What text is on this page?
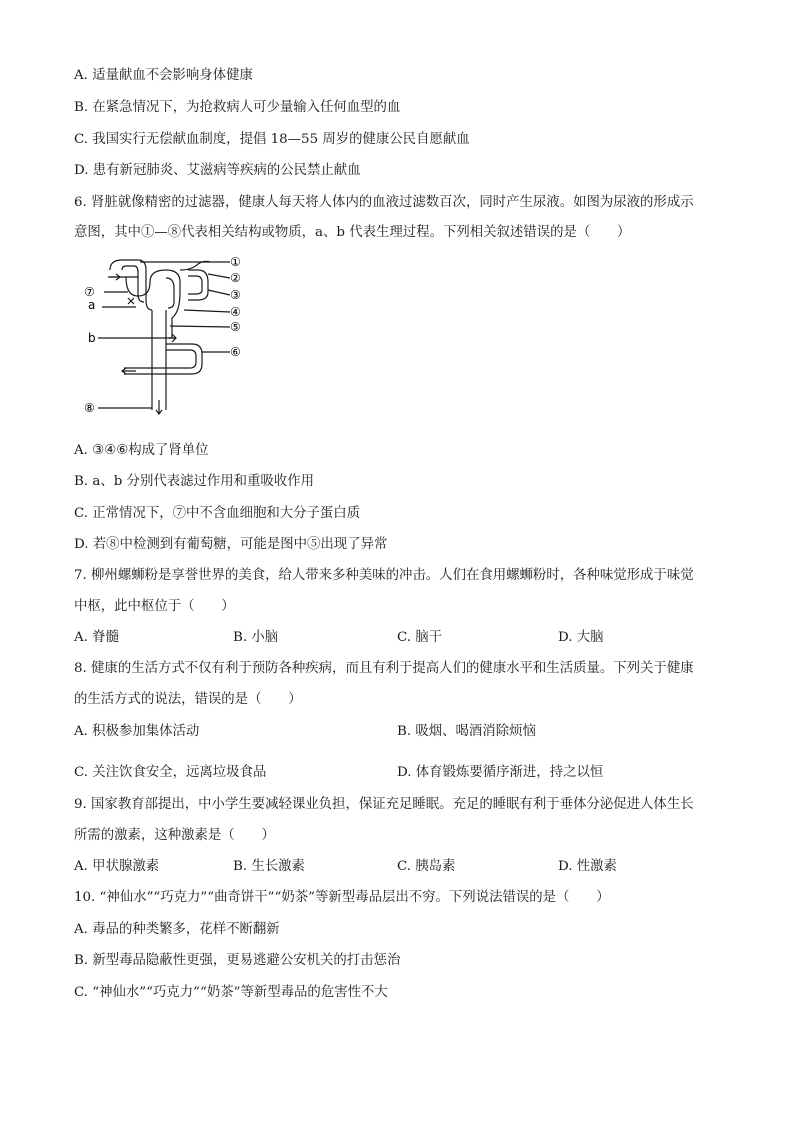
A. 适量献血不会影响身体健康
B. 在紧急情况下，为抢救病人可少量输入任何血型的血
C. 我国实行无偿献血制度，提倡 18—55 周岁的健康公民自愿献血
D. 患有新冠肺炎、艾滋病等疾病的公民禁止献血
6. 肾脏就像精密的过滤器，健康人每天将人体内的血液过滤数百次，同时产生尿液。如图为尿液的形成示
意图，其中①—⑧代表相关结构或物质，a、b 代表生理过程。下列相关叙述错误的是（　　）
①
②
③
④
⑤
⑥
⑦
⑧
a
b
A. ③④⑥构成了肾单位
B. a、b 分别代表滤过作用和重吸收作用
C. 正常情况下，⑦中不含血细胞和大分子蛋白质
D. 若⑧中检测到有葡萄糖，可能是图中⑤出现了异常
7. 柳州螺蛳粉是享誉世界的美食，给人带来多种美味的冲击。人们在食用螺蛳粉时，各种味觉形成于味觉
中枢，此中枢位于（　　）
A. 脊髓	B. 小脑	C. 脑干	D. 大脑
8. 健康的生活方式不仅有利于预防各种疾病，而且有利于提高人们的健康水平和生活质量。下列关于健康
的生活方式的说法，错误的是（　　）
A. 积极参加集体活动	B. 吸烟、喝酒消除烦恼
C. 关注饮食安全，远离垃圾食品	D. 体育锻炼要循序渐进，持之以恒
9. 国家教育部提出，中小学生要减轻课业负担，保证充足睡眠。充足的睡眠有利于垂体分泌促进人体生长
所需的激素，这种激素是（　　）
A. 甲状腺激素	B. 生长激素	C. 胰岛素	D. 性激素
10. “神仙水”“巧克力”“曲奇饼干”“奶茶”等新型毒品层出不穷。下列说法错误的是（　　）
A. 毒品的种类繁多，花样不断翻新
B. 新型毒品隐蔽性更强，更易逃避公安机关的打击惩治
C. “神仙水”“巧克力”“奶茶”等新型毒品的危害性不大
